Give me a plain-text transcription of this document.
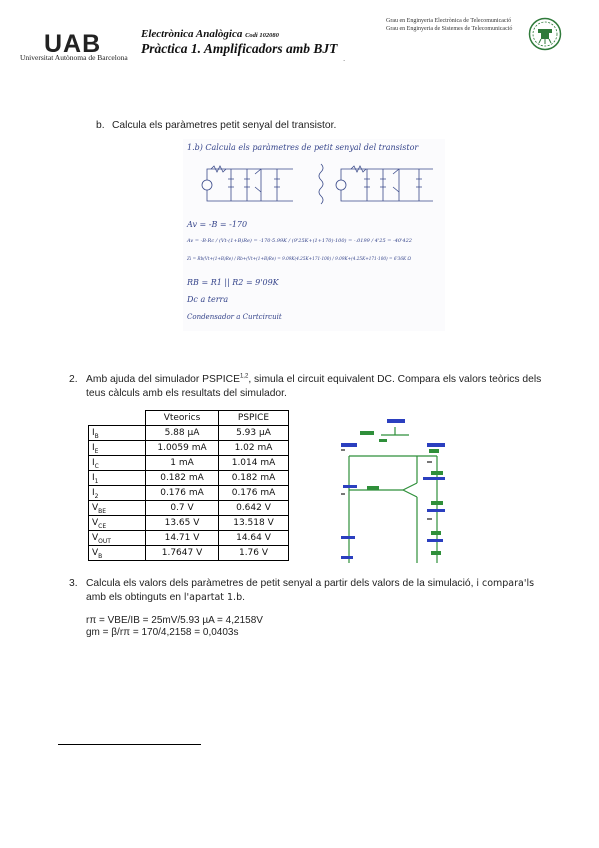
UAB
Universitat Autònoma de Barcelona
Electrònica Analògica Codi 102080
Pràctica 1. Amplificadors amb BJT
.
Grau en Enginyeria Electrònica de Telecomunicació
Grau en Enginyeria de Sistemes de Telecomunicació
b. Calcula els paràmetres petit senyal del transistor.
1.b) Calcula els paràmetres de petit senyal del transistor
Av = -B = -170
Av = -B·Rc / (Vt-(1+B)Re) = -170·5.99K / (9'25K+(1+170)·100) = -.0199 / 4'25 = -40'422
Zi = Rb(Vt+(1+B)Re) / Rb+(Vt+(1+B)Re) = 9.09K(4.25K+171·100) / 9.09K+(4.25K+171·100) = 6'36K Ω
RB = R1 || R2 = 9'09K
Dc a terra
Condensador a Curtcircuit
2. Amb ajuda del simulador PSPICE$^{1,2}$, simula el circuit equivalent DC. Compara els valors teòrics dels teus càlculs amb els resultats del simulador.
	Vteorics	PSPICE
$I_B$	5.88 µA	5.93 µA
$I_E$	1.0059 mA	1.02 mA
$I_C$	1 mA	1.014 mA
$I_1$	0.182 mA	0.182 mA
$I_2$	0.176 mA	0.176 mA
$V_{BE}$	0.7 V	0.642 V
$V_{CE}$	13.65 V	13.518 V
$V_{OUT}$	14.71 V	14.64 V
$V_B$	1.7647 V	1.76 V
3. Calcula els valors dels paràmetres de petit senyal a partir dels valors de la simulació, i compara'ls amb els obtinguts en l'apartat 1.b.
rπ = VBE/IB = 25mV/5.93 µA = 4,2158V
gm = β/rπ = 170/4,2158 = 0,0403s
